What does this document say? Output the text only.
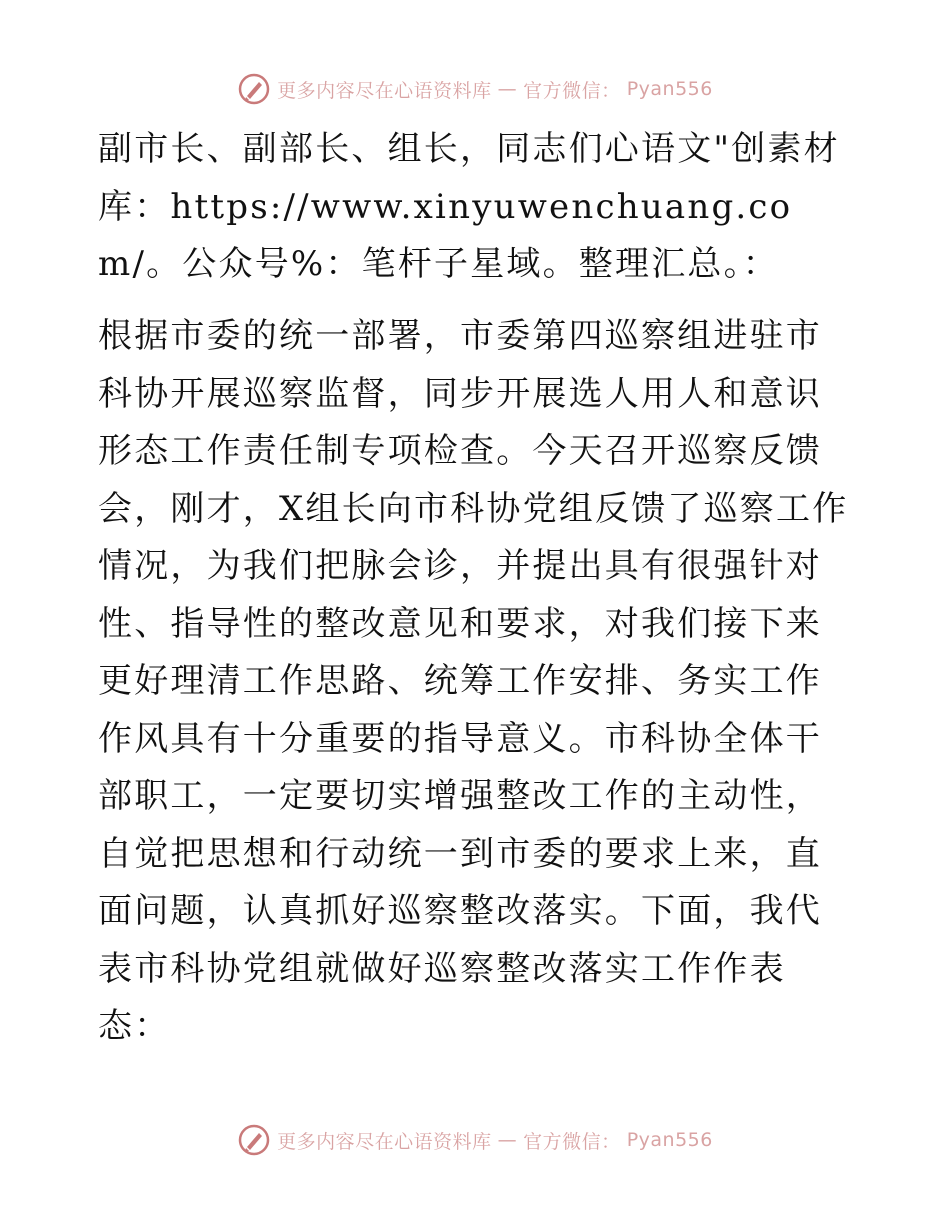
更多内容尽在心语资料库 — 官方微信： Pyan556

副市长、副部长、组长，同志们心语文"创素材库：https://www.xinyuwenchuang.com/。公众号%：笔杆子星域。整理汇总。：

根据市委的统一部署，市委第四巡察组进驻市科协开展巡察监督，同步开展选人用人和意识形态工作责任制专项检查。今天召开巡察反馈会，刚才，X组长向市科协党组反馈了巡察工作情况，为我们把脉会诊，并提出具有很强针对性、指导性的整改意见和要求，对我们接下来更好理清工作思路、统筹工作安排、务实工作作风具有十分重要的指导意义。市科协全体干部职工，一定要切实增强整改工作的主动性，自觉把思想和行动统一到市委的要求上来，直面问题，认真抓好巡察整改落实。下面，我代表市科协党组就做好巡察整改落实工作作表态：

更多内容尽在心语资料库 — 官方微信： Pyan556
